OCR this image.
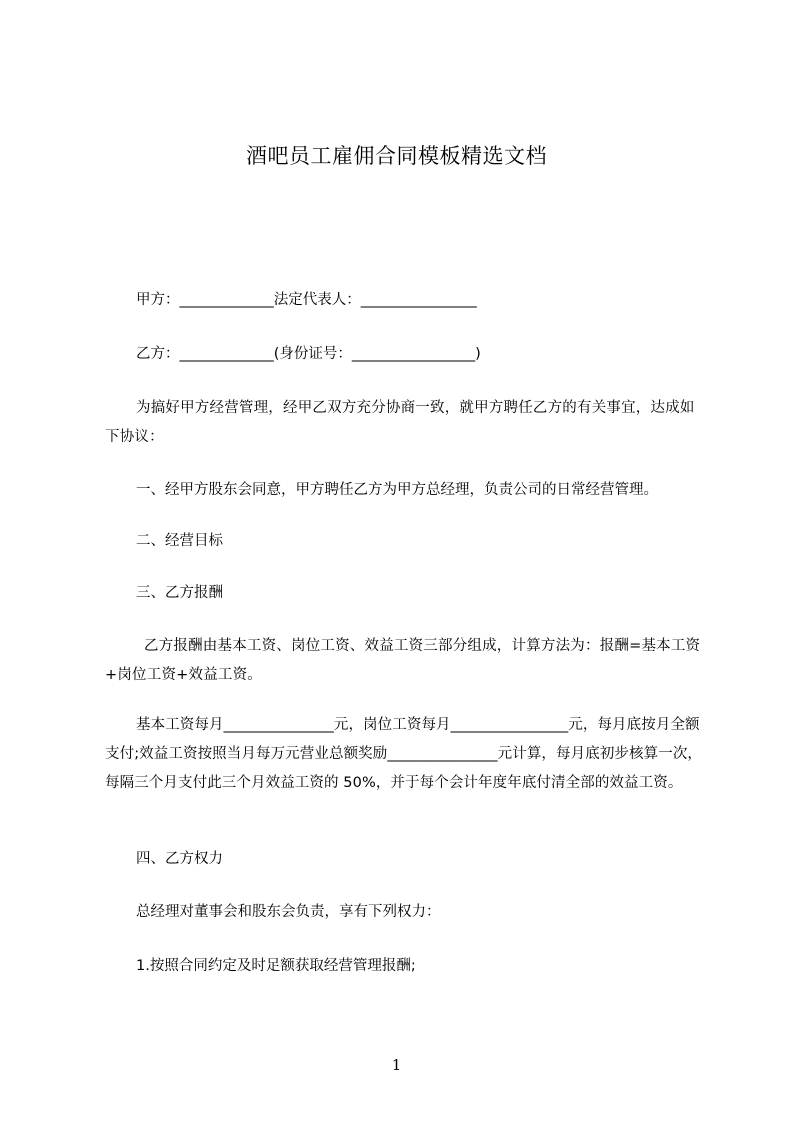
酒吧员工雇佣合同模板精选文档
甲方：_____________法定代表人：________________
乙方：_____________(身份证号：_________________)
为搞好甲方经营管理，经甲乙双方充分协商一致，就甲方聘任乙方的有关事宜，达成如下协议：
一、经甲方股东会同意，甲方聘任乙方为甲方总经理，负责公司的日常经营管理。
二、经营目标
三、乙方报酬
乙方报酬由基本工资、岗位工资、效益工资三部分组成，计算方法为：报酬=基本工资+岗位工资+效益工资。
基本工资每月_______________元，岗位工资每月________________元，每月底按月全额支付;效益工资按照当月每万元营业总额奖励_______________元计算，每月底初步核算一次，每隔三个月支付此三个月效益工资的 50%，并于每个会计年度年底付清全部的效益工资。
四、乙方权力
总经理对董事会和股东会负责，享有下列权力：
1.按照合同约定及时足额获取经营管理报酬;
1
